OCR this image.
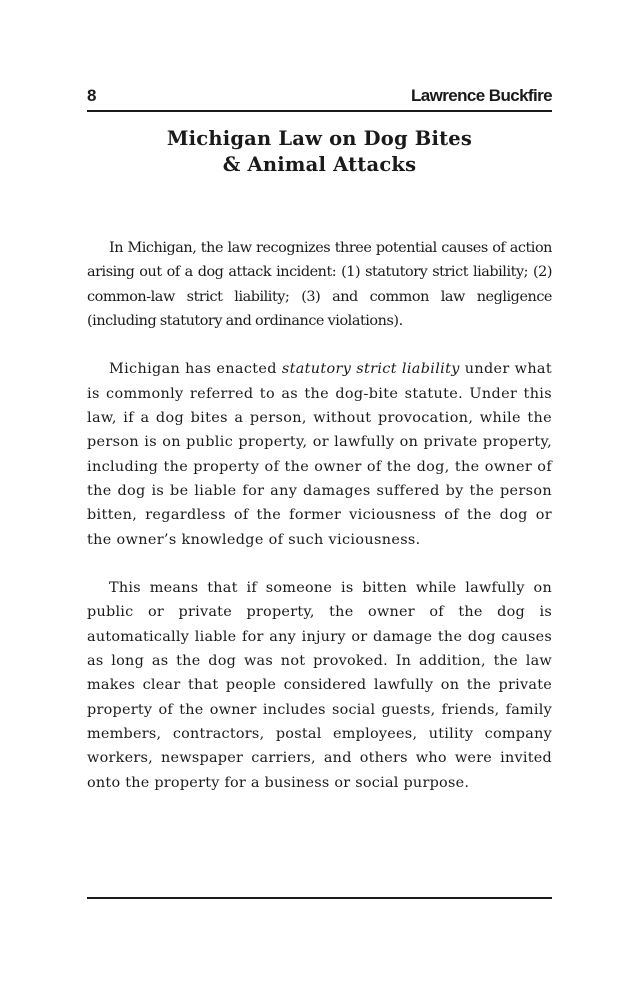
8	Lawrence Buckfire
Michigan Law on Dog Bites
& Animal Attacks

In Michigan, the law recognizes three potential causes of action arising out of a dog attack incident: (1) statutory strict liability; (2) common-law strict liability; (3) and common law negligence (including statutory and ordinance violations).

Michigan has enacted statutory strict liability under what is commonly referred to as the dog-bite statute. Under this law, if a dog bites a person, without provocation, while the person is on public property, or lawfully on private property, including the property of the owner of the dog, the owner of the dog is be liable for any damages suffered by the person bitten, regardless of the former viciousness of the dog or the owner’s knowledge of such viciousness.

This means that if someone is bitten while lawfully on public or private property, the owner of the dog is automatically liable for any injury or damage the dog causes as long as the dog was not provoked. In addition, the law makes clear that people considered lawfully on the private property of the owner includes social guests, friends, family members, contractors, postal employees, utility company workers, newspaper carriers, and others who were invited onto the property for a business or social purpose.
